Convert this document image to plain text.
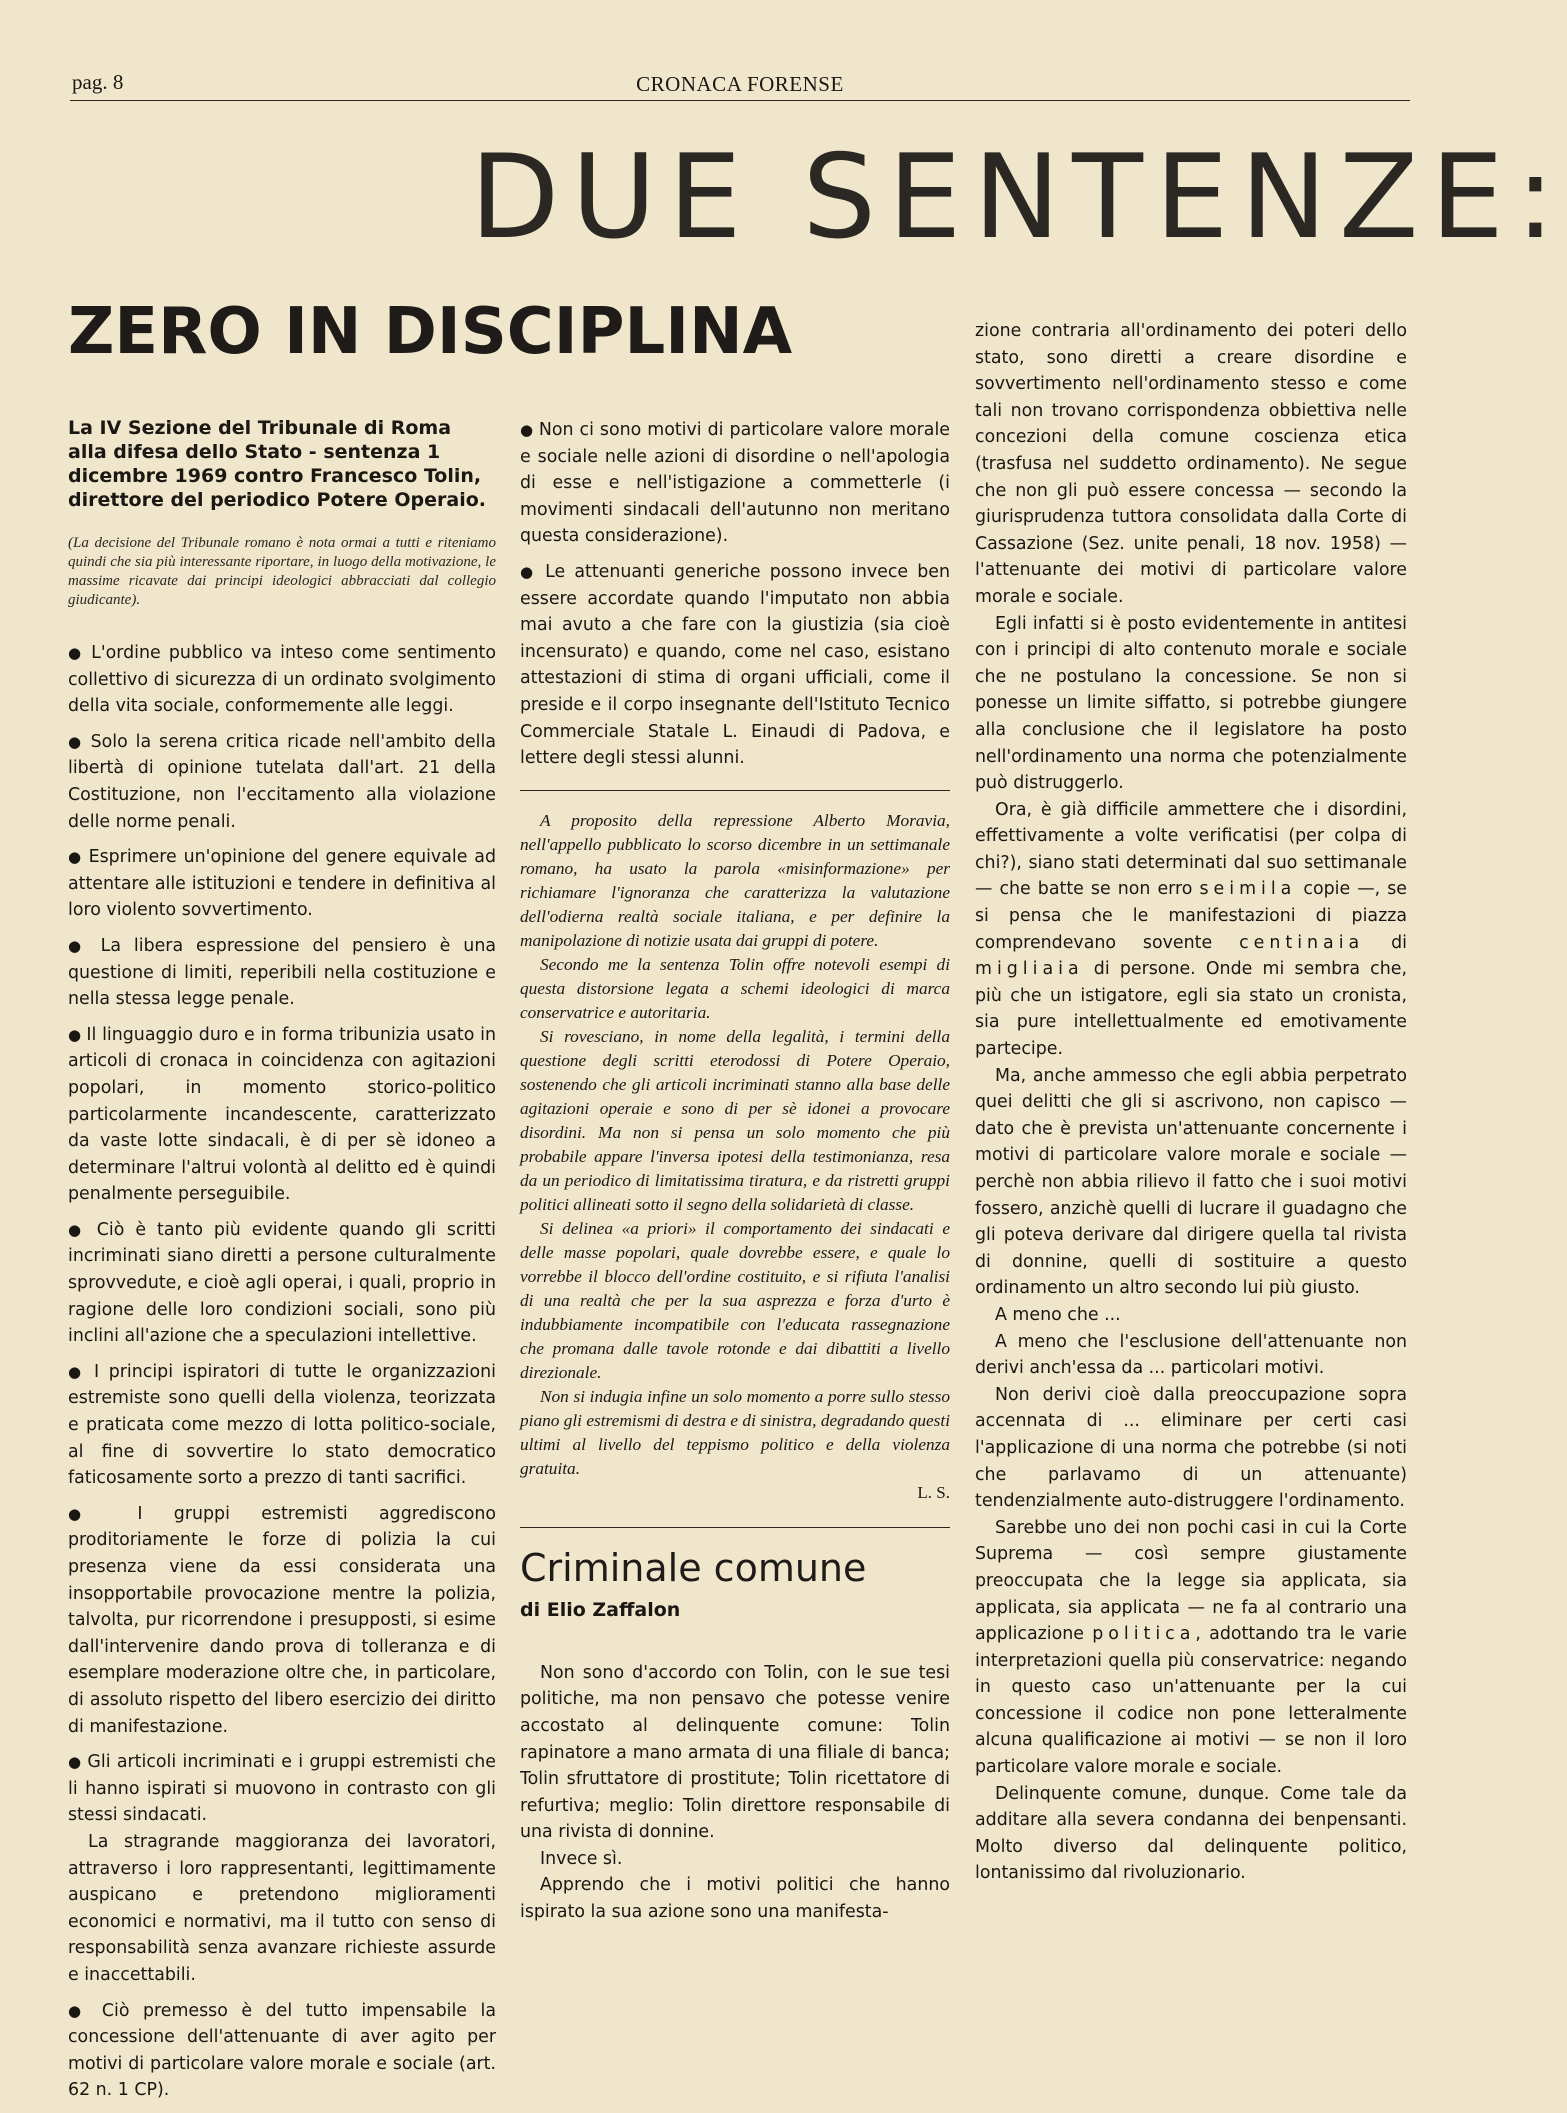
pag. 8	CRONACA FORENSE
DUE SENTENZE:
ZERO IN DISCIPLINA

La IV Sezione del Tribunale di Roma alla difesa dello Stato - sentenza 1 dicembre 1969 contro Francesco Tolin, direttore del periodico Potere Operaio.

(La decisione del Tribunale romano è nota ormai a tutti e riteniamo quindi che sia più interessante riportare, in luogo della motivazione, le massime ricavate dai principi ideologici abbracciati dal collegio giudicante).

● L'ordine pubblico va inteso come sentimento collettivo di sicurezza di un ordinato svolgimento della vita sociale, conformemente alle leggi.

● Solo la serena critica ricade nell'ambito della libertà di opinione tutelata dall'art. 21 della Costituzione, non l'eccitamento alla violazione delle norme penali.

● Esprimere un'opinione del genere equivale ad attentare alle istituzioni e tendere in definitiva al loro violento sovvertimento.

● La libera espressione del pensiero è una questione di limiti, reperibili nella costituzione e nella stessa legge penale.

● Il linguaggio duro e in forma tribunizia usato in articoli di cronaca in coincidenza con agitazioni popolari, in momento storico-politico particolarmente incandescente, caratterizzato da vaste lotte sindacali, è di per sè idoneo a determinare l'altrui volontà al delitto ed è quindi penalmente perseguibile.

● Ciò è tanto più evidente quando gli scritti incriminati siano diretti a persone culturalmente sprovvedute, e cioè agli operai, i quali, proprio in ragione delle loro condizioni sociali, sono più inclini all'azione che a speculazioni intellettive.

● I principi ispiratori di tutte le organizzazioni estremiste sono quelli della violenza, teorizzata e praticata come mezzo di lotta politico-sociale, al fine di sovvertire lo stato democratico faticosamente sorto a prezzo di tanti sacrifici.

● I gruppi estremisti aggrediscono proditoriamente le forze di polizia la cui presenza viene da essi considerata una insopportabile provocazione mentre la polizia, talvolta, pur ricorrendone i presupposti, si esime dall'intervenire dando prova di tolleranza e di esemplare moderazione oltre che, in particolare, di assoluto rispetto del libero esercizio dei diritto di manifestazione.

● Gli articoli incriminati e i gruppi estremisti che li hanno ispirati si muovono in contrasto con gli stessi sindacati.

La stragrande maggioranza dei lavoratori, attraverso i loro rappresentanti, legittimamente auspicano e pretendono miglioramenti economici e normativi, ma il tutto con senso di responsabilità senza avanzare richieste assurde e inaccettabili.

● Ciò premesso è del tutto impensabile la concessione dell'attenuante di aver agito per motivi di particolare valore morale e sociale (art. 62 n. 1 CP).

● Non ci sono motivi di particolare valore morale e sociale nelle azioni di disordine o nell'apologia di esse e nell'istigazione a commetterle (i movimenti sindacali dell'autunno non meritano questa considerazione).

● Le attenuanti generiche possono invece ben essere accordate quando l'imputato non abbia mai avuto a che fare con la giustizia (sia cioè incensurato) e quando, come nel caso, esistano attestazioni di stima di organi ufficiali, come il preside e il corpo insegnante dell'Istituto Tecnico Commerciale Statale L. Einaudi di Padova, e lettere degli stessi alunni.

A proposito della repressione Alberto Moravia, nell'appello pubblicato lo scorso dicembre in un settimanale romano, ha usato la parola «misinformazione» per richiamare l'ignoranza che caratterizza la valutazione dell'odierna realtà sociale italiana, e per definire la manipolazione di notizie usata dai gruppi di potere.

Secondo me la sentenza Tolin offre notevoli esempi di questa distorsione legata a schemi ideologici di marca conservatrice e autoritaria.

Si rovesciano, in nome della legalità, i termini della questione degli scritti eterodossi di Potere Operaio, sostenendo che gli articoli incriminati stanno alla base delle agitazioni operaie e sono di per sè idonei a provocare disordini. Ma non si pensa un solo momento che più probabile appare l'inversa ipotesi della testimonianza, resa da un periodico di limitatissima tiratura, e da ristretti gruppi politici allineati sotto il segno della solidarietà di classe.

Si delinea «a priori» il comportamento dei sindacati e delle masse popolari, quale dovrebbe essere, e quale lo vorrebbe il blocco dell'ordine costituito, e si rifiuta l'analisi di una realtà che per la sua asprezza e forza d'urto è indubbiamente incompatibile con l'educata rassegnazione che promana dalle tavole rotonde e dai dibattiti a livello direzionale.

Non si indugia infine un solo momento a porre sullo stesso piano gli estremismi di destra e di sinistra, degradando questi ultimi al livello del teppismo politico e della violenza gratuita.

L. S.

Criminale comune

di Elio Zaffalon

Non sono d'accordo con Tolin, con le sue tesi politiche, ma non pensavo che potesse venire accostato al delinquente comune: Tolin rapinatore a mano armata di una filiale di banca; Tolin sfruttatore di prostitute; Tolin ricettatore di refurtiva; meglio: Tolin direttore responsabile di una rivista di donnine.

Invece sì.

Apprendo che i motivi politici che hanno ispirato la sua azione sono una manifesta-

zione contraria all'ordinamento dei poteri dello stato, sono diretti a creare disordine e sovvertimento nell'ordinamento stesso e come tali non trovano corrispondenza obbiettiva nelle concezioni della comune coscienza etica (trasfusa nel suddetto ordinamento). Ne segue che non gli può essere concessa — secondo la giurisprudenza tuttora consolidata dalla Corte di Cassazione (Sez. unite penali, 18 nov. 1958) — l'attenuante dei motivi di particolare valore morale e sociale.

Egli infatti si è posto evidentemente in antitesi con i principi di alto contenuto morale e sociale che ne postulano la concessione. Se non si ponesse un limite siffatto, si potrebbe giungere alla conclusione che il legislatore ha posto nell'ordinamento una norma che potenzialmente può distruggerlo.

Ora, è già difficile ammettere che i disordini, effettivamente a volte verificatisi (per colpa di chi?), siano stati determinati dal suo settimanale — che batte se non erro seimila copie —, se si pensa che le manifestazioni di piazza comprendevano sovente centinaia di migliaia di persone. Onde mi sembra che, più che un istigatore, egli sia stato un cronista, sia pure intellettualmente ed emotivamente partecipe.

Ma, anche ammesso che egli abbia perpetrato quei delitti che gli si ascrivono, non capisco — dato che è prevista un'attenuante concernente i motivi di particolare valore morale e sociale — perchè non abbia rilievo il fatto che i suoi motivi fossero, anzichè quelli di lucrare il guadagno che gli poteva derivare dal dirigere quella tal rivista di donnine, quelli di sostituire a questo ordinamento un altro secondo lui più giusto.

A meno che ...

A meno che l'esclusione dell'attenuante non derivi anch'essa da ... particolari motivi.

Non derivi cioè dalla preoccupazione sopra accennata di ... eliminare per certi casi l'applicazione di una norma che potrebbe (si noti che parlavamo di un attenuante) tendenzialmente auto-distruggere l'ordinamento.

Sarebbe uno dei non pochi casi in cui la Corte Suprema — così sempre giustamente preoccupata che la legge sia applicata, sia applicata, sia applicata — ne fa al contrario una applicazione politica, adottando tra le varie interpretazioni quella più conservatrice: negando in questo caso un'attenuante per la cui concessione il codice non pone letteralmente alcuna qualificazione ai motivi — se non il loro particolare valore morale e sociale.

Delinquente comune, dunque. Come tale da additare alla severa condanna dei benpensanti. Molto diverso dal delinquente politico, lontanissimo dal rivoluzionario.
